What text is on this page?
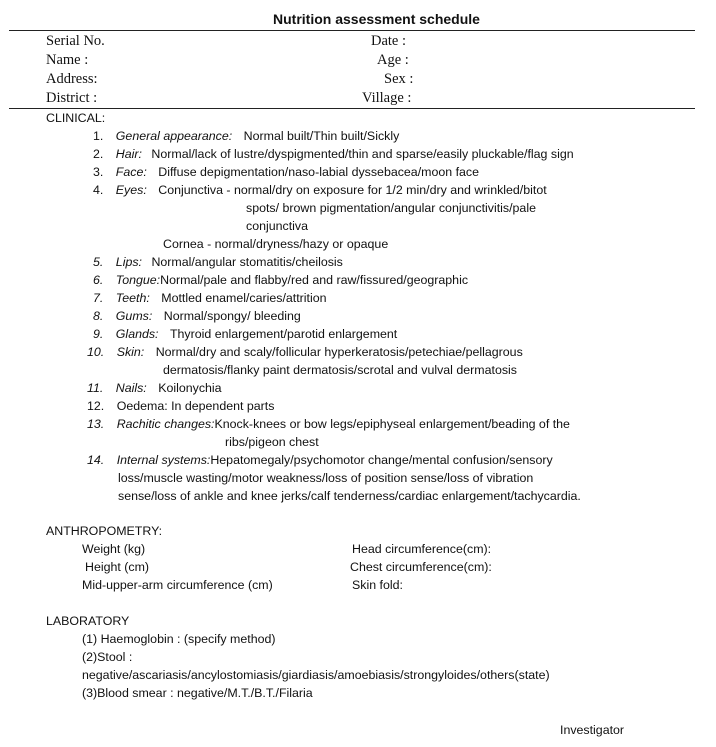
Nutrition assessment schedule
Serial No.
Name :
Address:
District :
Date :
Age :
Sex :
Village :
CLINICAL:
1. General appearance: Normal built/Thin built/Sickly
2. Hair: Normal/lack of lustre/dyspigmented/thin and sparse/easily pluckable/flag sign
3. Face: Diffuse depigmentation/naso-labial dyssebacea/moon face
4. Eyes: Conjunctiva - normal/dry on exposure for 1/2 min/dry and wrinkled/bitot
spots/ brown pigmentation/angular conjunctivitis/pale
conjunctiva
Cornea - normal/dryness/hazy or opaque
5. Lips: Normal/angular stomatitis/cheilosis
6. Tongue:Normal/pale and flabby/red and raw/fissured/geographic
7. Teeth: Mottled enamel/caries/attrition
8. Gums: Normal/spongy/ bleeding
9. Glands: Thyroid enlargement/parotid enlargement
10. Skin: Normal/dry and scaly/follicular hyperkeratosis/petechiae/pellagrous
dermatosis/flanky paint dermatosis/scrotal and vulval dermatosis
11. Nails: Koilonychia
12. Oedema: In dependent parts
13. Rachitic changes:Knock-knees or bow legs/epiphyseal enlargement/beading of the
ribs/pigeon chest
14. Internal systems:Hepatomegaly/psychomotor change/mental confusion/sensory
loss/muscle wasting/motor weakness/loss of position sense/loss of vibration
sense/loss of ankle and knee jerks/calf tenderness/cardiac enlargement/tachycardia.
ANTHROPOMETRY:
Weight (kg)
Height (cm)
Mid-upper-arm circumference (cm)
Head circumference(cm):
Chest circumference(cm):
Skin fold:
LABORATORY
(1) Haemoglobin : (specify method)
(2)Stool :
negative/ascariasis/ancylostomiasis/giardiasis/amoebiasis/strongyloides/others(state)
(3)Blood smear : negative/M.T./B.T./Filaria
Investigator
